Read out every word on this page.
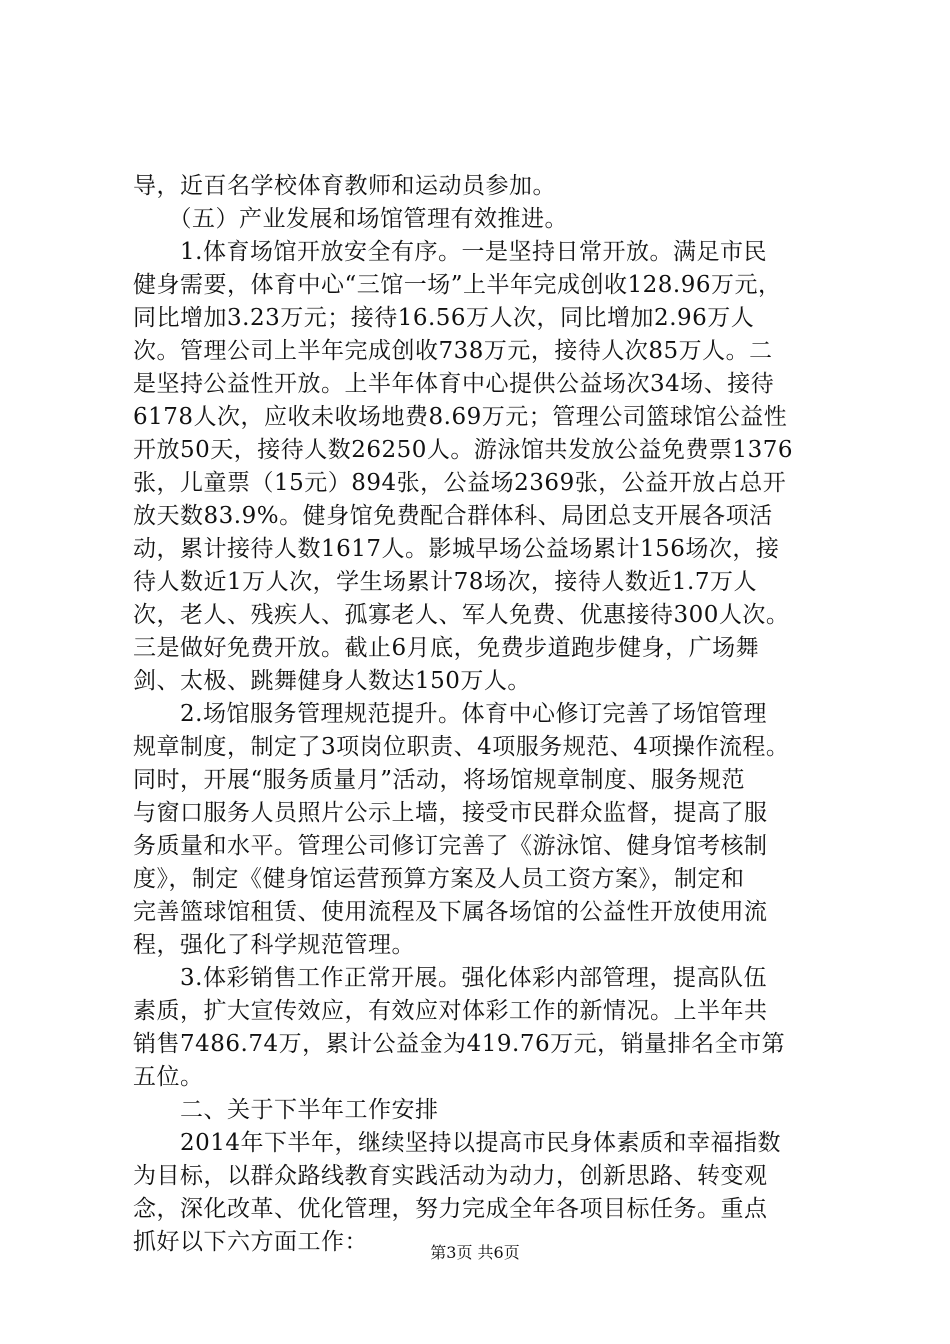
导，近百名学校体育教师和运动员参加。
　　（五）产业发展和场馆管理有效推进。
　　1.体育场馆开放安全有序。一是坚持日常开放。满足市民
健身需要，体育中心“三馆一场”上半年完成创收128.96万元，
同比增加3.23万元；接待16.56万人次，同比增加2.96万人
次。管理公司上半年完成创收738万元，接待人次85万人。二
是坚持公益性开放。上半年体育中心提供公益场次34场、接待
6178人次，应收未收场地费8.69万元；管理公司篮球馆公益性
开放50天，接待人数26250人。游泳馆共发放公益免费票1376
张，儿童票（15元）894张，公益场2369张，公益开放占总开
放天数83.9%。健身馆免费配合群体科、局团总支开展各项活
动，累计接待人数1617人。影城早场公益场累计156场次，接
待人数近1万人次，学生场累计78场次，接待人数近1.7万人
次，老人、残疾人、孤寡老人、军人免费、优惠接待300人次。
三是做好免费开放。截止6月底，免费步道跑步健身，广场舞
剑、太极、跳舞健身人数达150万人。
　　2.场馆服务管理规范提升。体育中心修订完善了场馆管理
规章制度，制定了3项岗位职责、4项服务规范、4项操作流程。
同时，开展“服务质量月”活动，将场馆规章制度、服务规范
与窗口服务人员照片公示上墙，接受市民群众监督，提高了服
务质量和水平。管理公司修订完善了《游泳馆、健身馆考核制
度》，制定《健身馆运营预算方案及人员工资方案》，制定和
完善篮球馆租赁、使用流程及下属各场馆的公益性开放使用流
程，强化了科学规范管理。
　　3.体彩销售工作正常开展。强化体彩内部管理，提高队伍
素质，扩大宣传效应，有效应对体彩工作的新情况。上半年共
销售7486.74万，累计公益金为419.76万元，销量排名全市第
五位。
　　二、关于下半年工作安排
　　2014年下半年，继续坚持以提高市民身体素质和幸福指数
为目标，以群众路线教育实践活动为动力，创新思路、转变观
念，深化改革、优化管理，努力完成全年各项目标任务。重点
抓好以下六方面工作：	第3页 共6页
